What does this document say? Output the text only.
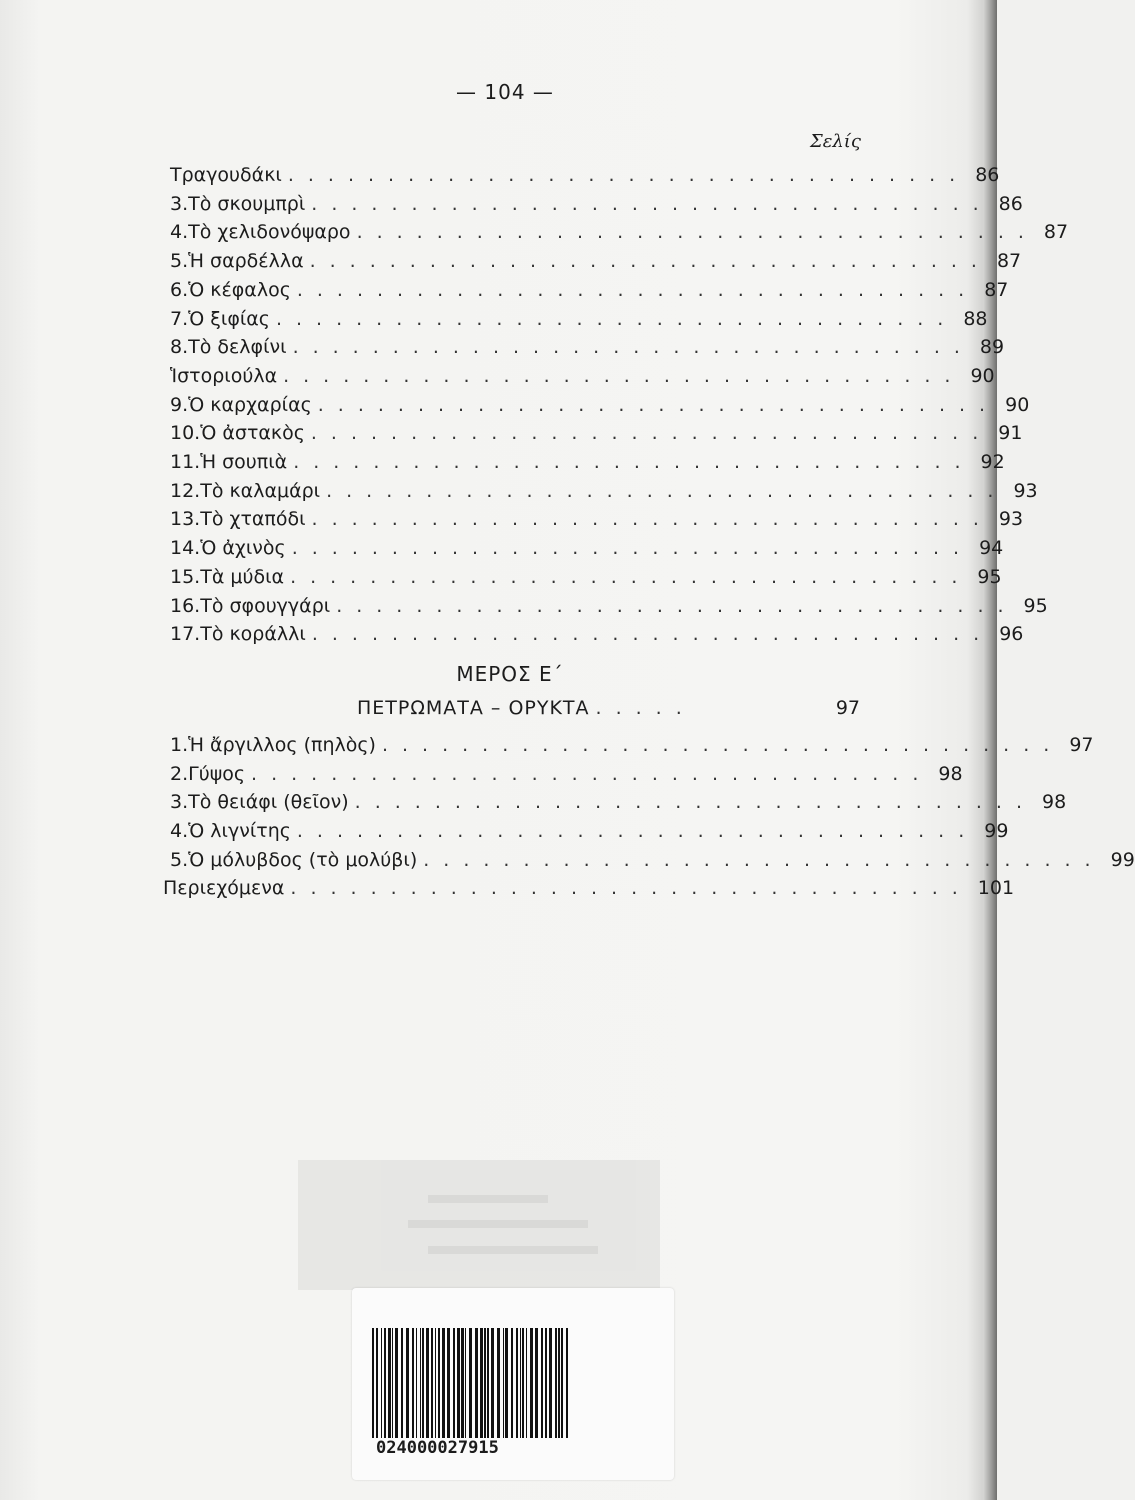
— 104 —
Σελίς
Τραγουδάκι .................................. 86
3. Τὸ σκουμπρὶ .................................. 86
4. Τὸ χελιδονόψαρο .................................. 87
5. Ἡ σαρδέλλα .................................. 87
6. Ὁ κέφαλος .................................. 87
7. Ὁ ξιφίας .................................. 88
8. Τὸ δελφίνι .................................. 89
Ἱστοριούλα .................................. 90
9. Ὁ καρχαρίας .................................. 90
10. Ὁ ἀστακὸς .................................. 91
11. Ἡ σουπιὰ .................................. 92
12. Τὸ καλαμάρι .................................. 93
13. Τὸ χταπόδι .................................. 93
14. Ὁ ἀχινὸς .................................. 94
15. Τὰ μύδια .................................. 95
16. Τὸ σφουγγάρι .................................. 95
17. Τὸ κοράλλι .................................. 96
1. Ἡ ἄργιλλος (πηλὸς) .................................. 97
2. Γύψος .................................. 98
3. Τὸ θειάφι (θεῖον) .................................. 98
4. Ὁ λιγνίτης .................................. 99
5. Ὁ μόλυβδος (τὸ μολύβι) .................................. 99
Περιεχόμενα .................................. 101
ΜΕΡΟΣ Ε΄
ΠΕΤΡΩΜΑΤΑ – ΟΡΥΚΤΑ .....	97
024000027915
